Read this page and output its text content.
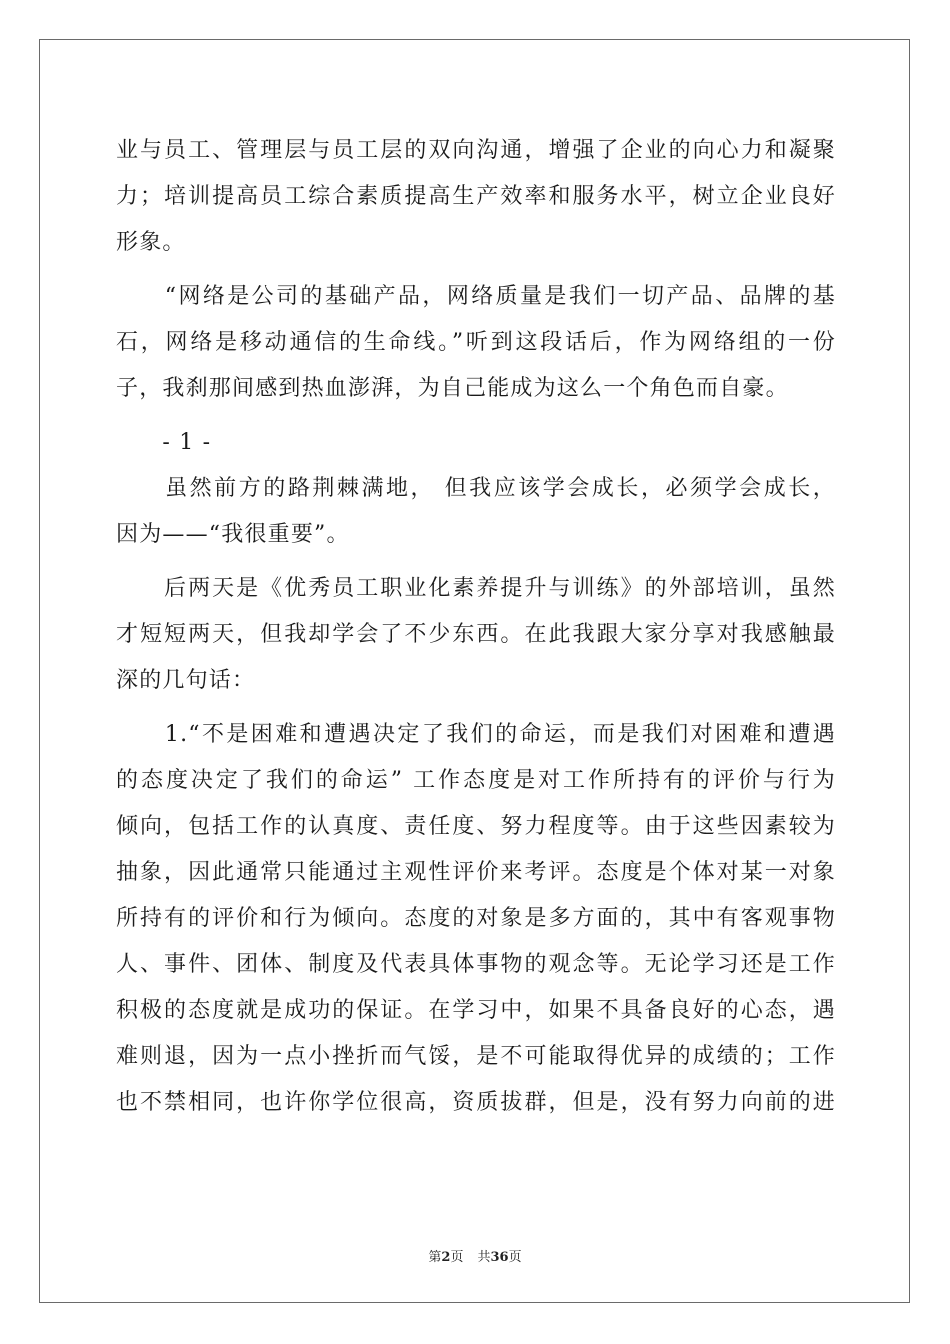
业与员工、管理层与员工层的双向沟通，增强了企业的向心力和凝聚
力；培训提高员工综合素质提高生产效率和服务水平，树立企业良好
形象。
　　“网络是公司的基础产品，网络质量是我们一切产品、品牌的基
石，网络是移动通信的生命线。”听到这段话后，作为网络组的一份
子，我刹那间感到热血澎湃，为自己能成为这么一个角色而自豪。
　　- 1 -
　　虽然前方的路荆棘满地， 但我应该学会成长，必须学会成长，
因为——“我很重要”。
　　后两天是《优秀员工职业化素养提升与训练》的外部培训，虽然
才短短两天，但我却学会了不少东西。在此我跟大家分享对我感触最
深的几句话：
　　1.“不是困难和遭遇决定了我们的命运，而是我们对困难和遭遇
的态度决定了我们的命运” 工作态度是对工作所持有的评价与行为
倾向，包括工作的认真度、责任度、努力程度等。由于这些因素较为
抽象，因此通常只能通过主观性评价来考评。态度是个体对某一对象
所持有的评价和行为倾向。态度的对象是多方面的，其中有客观事物
人、事件、团体、制度及代表具体事物的观念等。无论学习还是工作
积极的态度就是成功的保证。在学习中，如果不具备良好的心态，遇
难则退，因为一点小挫折而气馁，是不可能取得优异的成绩的；工作
也不禁相同，也许你学位很高，资质拔群，但是，没有努力向前的进
第2页 共36页
